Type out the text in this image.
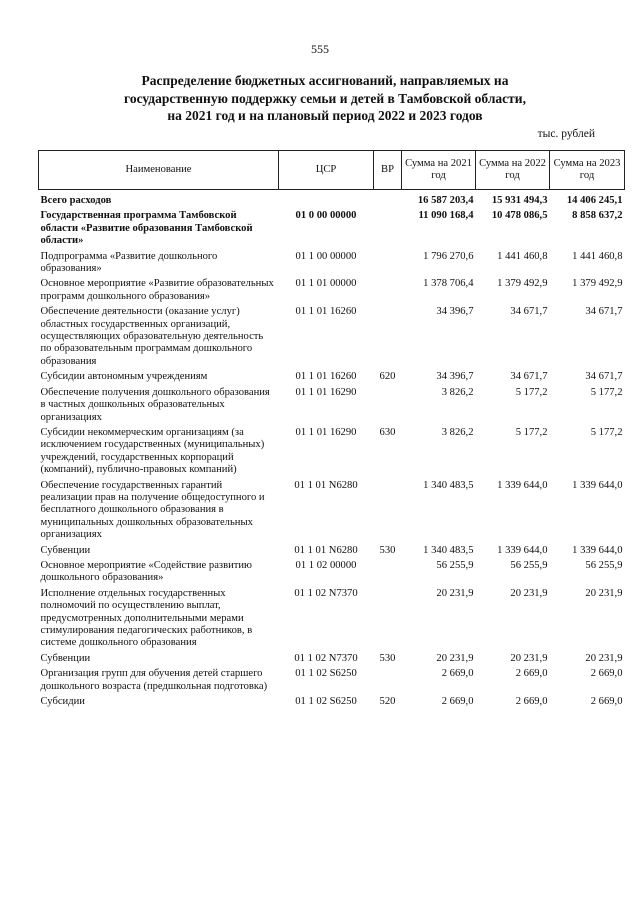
555
Распределение бюджетных ассигнований, направляемых на
государственную поддержку семьи и детей в Тамбовской области,
на 2021 год и на плановый период 2022 и 2023 годов
тыс. рублей
Наименование	ЦСР	ВР	Сумма на 2021 год	Сумма на 2022 год	Сумма на 2023 год
Всего расходов			16 587 203,4	15 931 494,3	14 406 245,1
Государственная программа Тамбовской области «Развитие образования Тамбовской области»	01 0 00 00000		11 090 168,4	10 478 086,5	8 858 637,2
Подпрограмма «Развитие дошкольного образования»	01 1 00 00000		1 796 270,6	1 441 460,8	1 441 460,8
Основное мероприятие «Развитие образовательных программ дошкольного образования»	01 1 01 00000		1 378 706,4	1 379 492,9	1 379 492,9
Обеспечение деятельности (оказание услуг) областных государственных организаций, осуществляющих образовательную деятельность по образовательным программам дошкольного образования	01 1 01 16260		34 396,7	34 671,7	34 671,7
Субсидии автономным учреждениям	01 1 01 16260	620	34 396,7	34 671,7	34 671,7
Обеспечение получения дошкольного образования в частных дошкольных образовательных организациях	01 1 01 16290		3 826,2	5 177,2	5 177,2
Субсидии некоммерческим организациям (за исключением государственных (муниципальных) учреждений, государственных корпораций (компаний), публично-правовых компаний)	01 1 01 16290	630	3 826,2	5 177,2	5 177,2
Обеспечение государственных гарантий реализации прав на получение общедоступного и бесплатного дошкольного образования в муниципальных дошкольных образовательных организациях	01 1 01 N6280		1 340 483,5	1 339 644,0	1 339 644,0
Субвенции	01 1 01 N6280	530	1 340 483,5	1 339 644,0	1 339 644,0
Основное мероприятие «Содействие развитию дошкольного образования»	01 1 02 00000		56 255,9	56 255,9	56 255,9
Исполнение отдельных государственных полномочий по осуществлению выплат, предусмотренных дополнительными мерами стимулирования педагогических работников, в системе дошкольного образования	01 1 02 N7370		20 231,9	20 231,9	20 231,9
Субвенции	01 1 02 N7370	530	20 231,9	20 231,9	20 231,9
Организация групп для обучения детей старшего дошкольного возраста (предшкольная подготовка)	01 1 02 S6250		2 669,0	2 669,0	2 669,0
Субсидии	01 1 02 S6250	520	2 669,0	2 669,0	2 669,0
